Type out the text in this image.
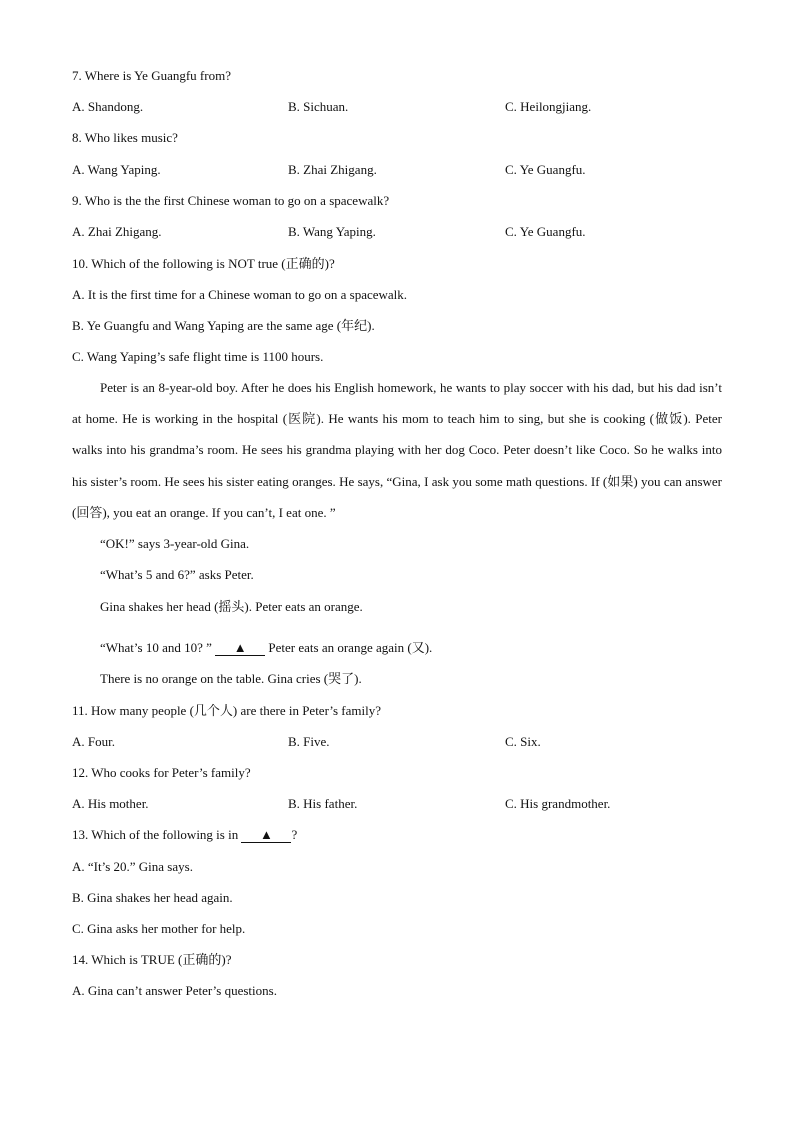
7. Where is Ye Guangfu from?
A. Shandong.	B. Sichuan.	C. Heilongjiang.
8. Who likes music?
A. Wang Yaping.	B. Zhai Zhigang.	C. Ye Guangfu.
9. Who is the the first Chinese woman to go on a spacewalk?
A. Zhai Zhigang.	B. Wang Yaping.	C. Ye Guangfu.
10. Which of the following is NOT true (正确的)?
A. It is the first time for a Chinese woman to go on a spacewalk.
B. Ye Guangfu and Wang Yaping are the same age (年纪).
C. Wang Yaping’s safe flight time is 1100 hours.
Peter is an 8-year-old boy. After he does his English homework, he wants to play soccer with his dad, but his dad isn’t at home. He is working in the hospital (医院). He wants his mom to teach him to sing, but she is cooking (做饭). Peter walks into his grandma’s room. He sees his grandma playing with her dog Coco. Peter doesn’t like Coco. So he walks into his sister’s room. He sees his sister eating oranges. He says, “Gina, I ask you some math questions. If (如果) you can answer (回答), you eat an orange. If you can’t, I eat one. ”
“OK!” says 3-year-old Gina.
“What’s 5 and 6?” asks Peter.
Gina shakes her head (摇头). Peter eats an orange.
“What’s 10 and 10? ” ▲ Peter eats an orange again (又).
There is no orange on the table. Gina cries (哭了).
11. How many people (几个人) are there in Peter’s family?
A. Four.	B. Five.	C. Six.
12. Who cooks for Peter’s family?
A. His mother.	B. His father.	C. His grandmother.
13. Which of the following is in ▲ ?
A. “It’s 20.” Gina says.
B. Gina shakes her head again.
C. Gina asks her mother for help.
14. Which is TRUE (正确的)?
A. Gina can’t answer Peter’s questions.
